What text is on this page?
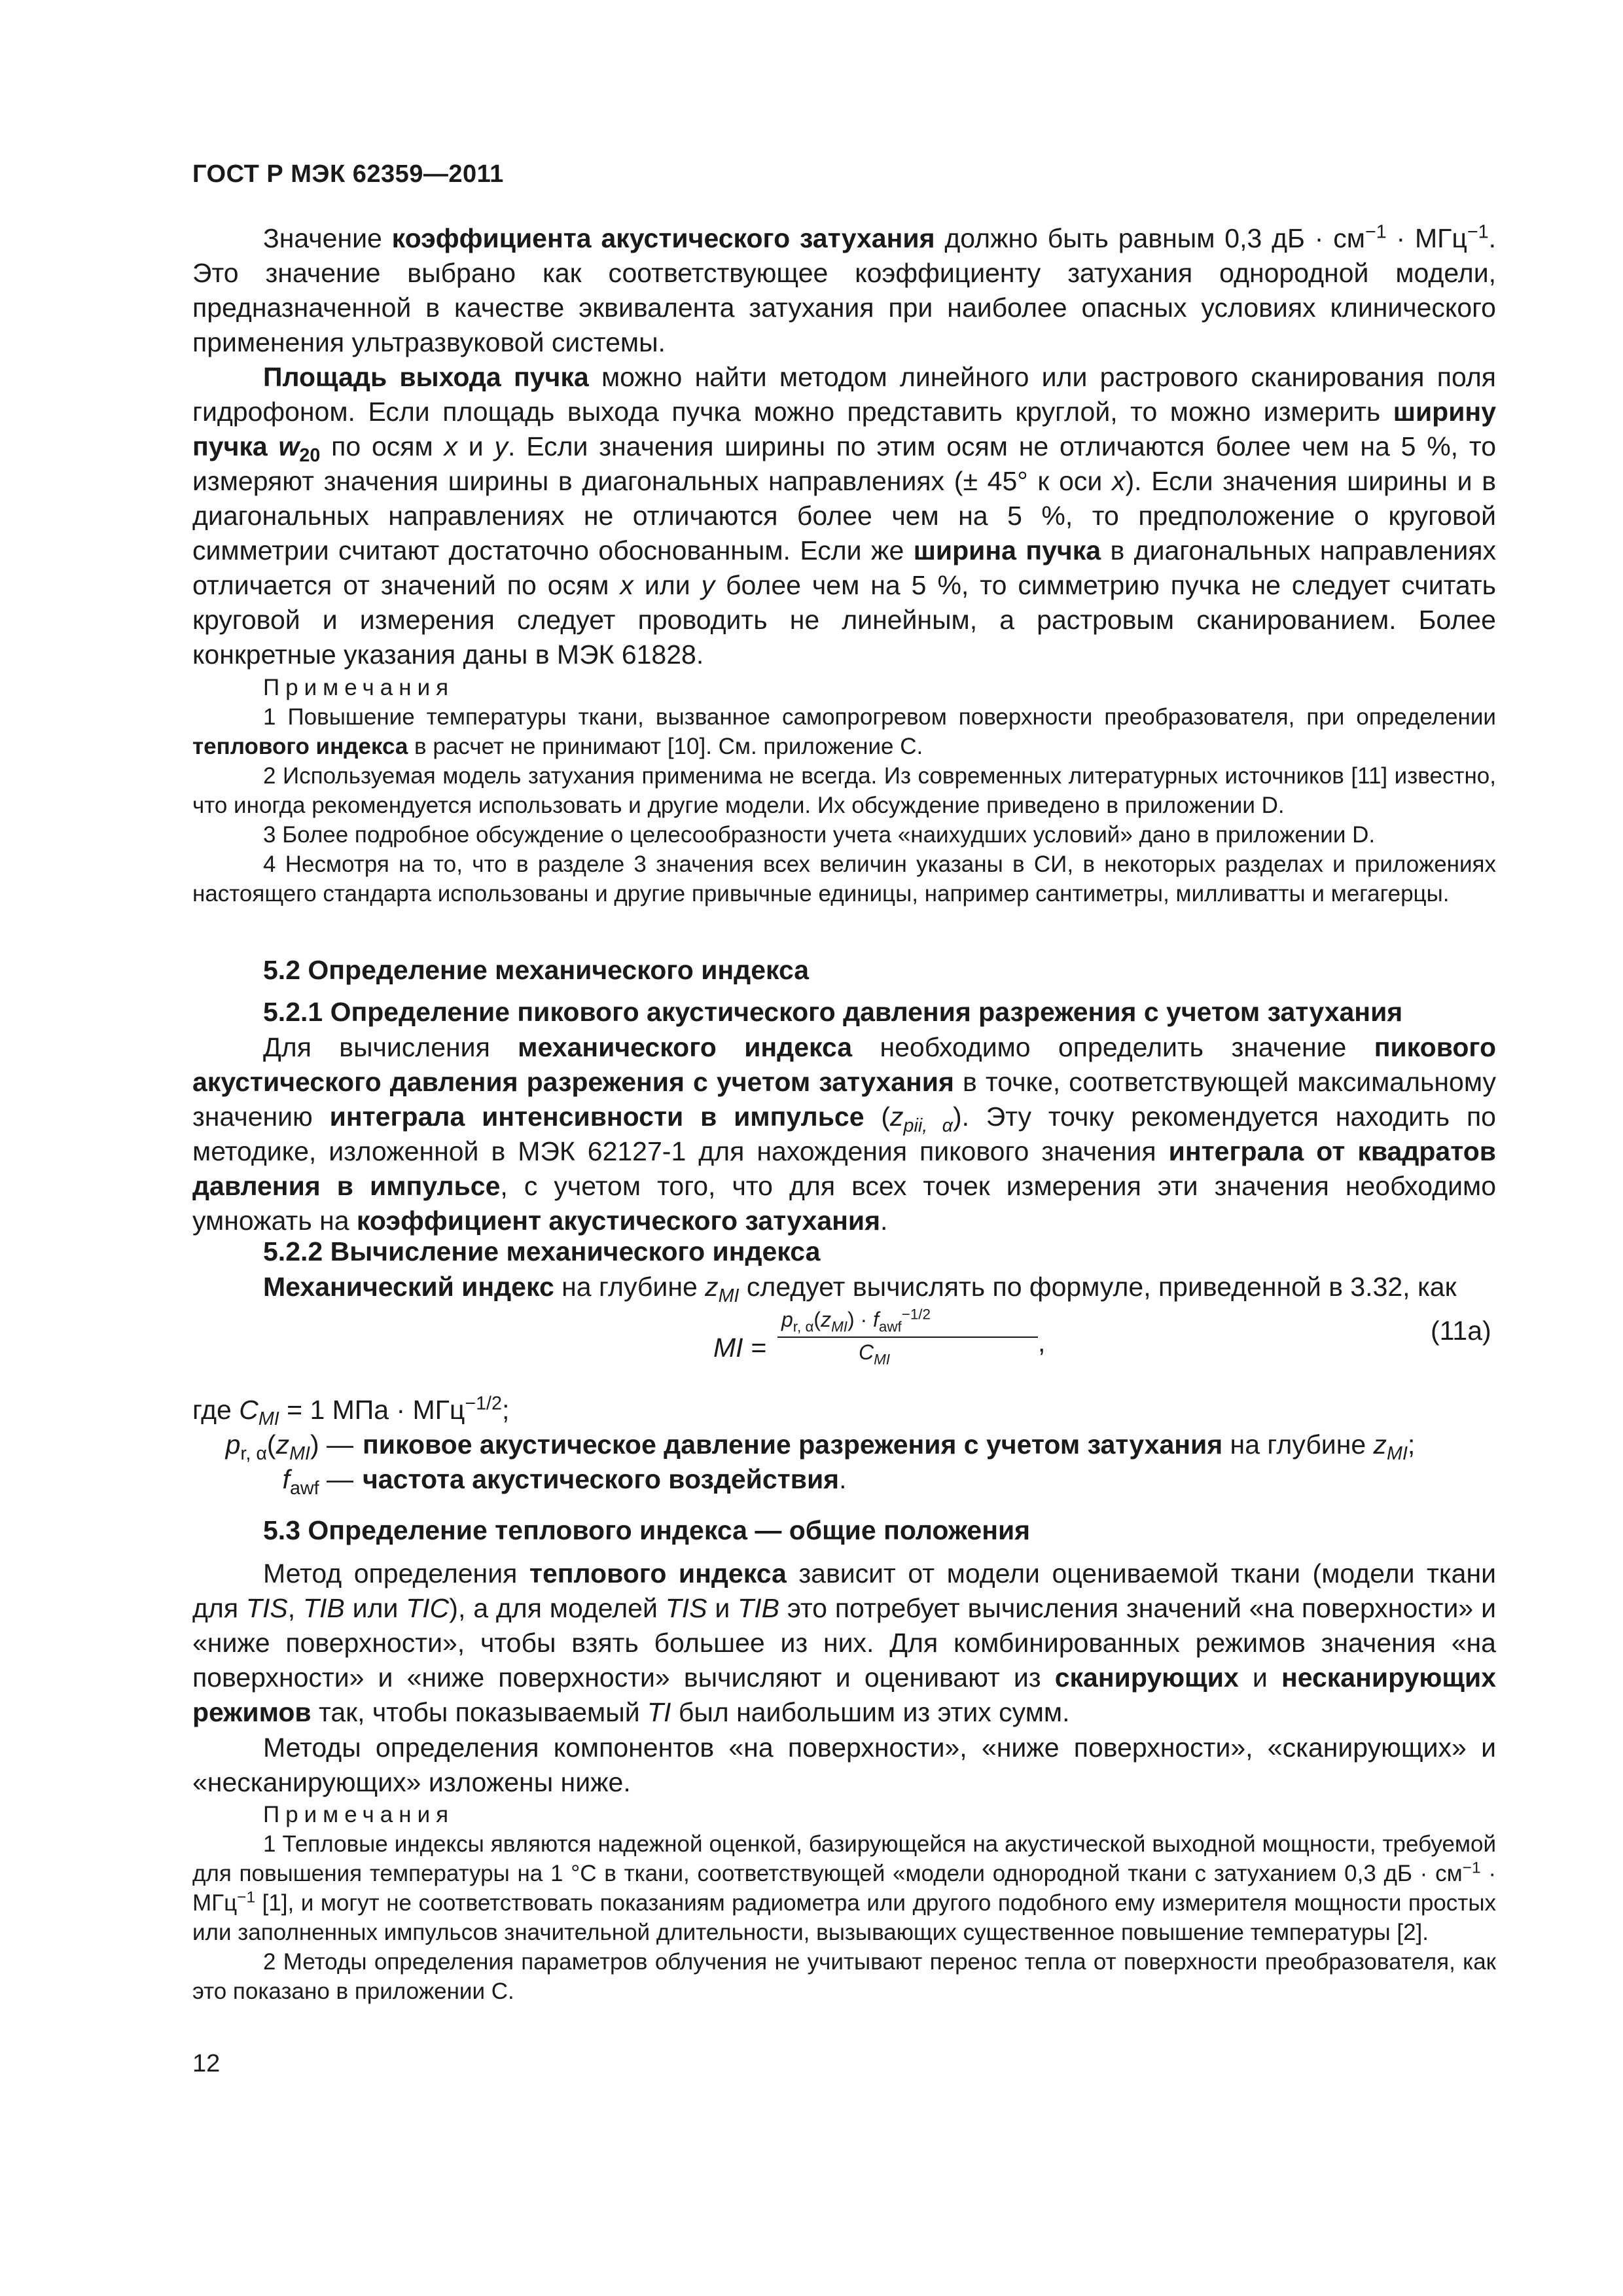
ГОСТ Р МЭК 62359—2011

Значение коэффициента акустического затухания должно быть равным 0,3 дБ · $см^{-1} \cdot МГц^{-1}$. Это значение выбрано как соответствующее коэффициенту затухания однородной модели, предназначенной в качестве эквивалента затухания при наиболее опасных условиях клинического применения ультразвуковой системы.

Площадь выхода пучка можно найти методом линейного или растрового сканирования поля гидрофоном. Если площадь выхода пучка можно представить круглой, то можно измерить ширину пучка $w_{20}$ по осям x и y. Если значения ширины по этим осям не отличаются более чем на 5 %, то измеряют значения ширины в диагональных направлениях (± 45° к оси x). Если значения ширины и в диагональных направлениях не отличаются более чем на 5 %, то предположение о круговой симметрии считают достаточно обоснованным. Если же ширина пучка в диагональных направлениях отличается от значений по осям x или y более чем на 5 %, то симметрию пучка не следует считать круговой и измерения следует проводить не линейным, а растровым сканированием. Более конкретные указания даны в МЭК 61828.

Примечания

1 Повышение температуры ткани, вызванное самопрогревом поверхности преобразователя, при определении теплового индекса в расчет не принимают [10]. См. приложение С.

2 Используемая модель затухания применима не всегда. Из современных литературных источников [11] известно, что иногда рекомендуется использовать и другие модели. Их обсуждение приведено в приложении D.

3 Более подробное обсуждение о целесообразности учета «наихудших условий» дано в приложении D.

4 Несмотря на то, что в разделе 3 значения всех величин указаны в СИ, в некоторых разделах и приложениях настоящего стандарта использованы и другие привычные единицы, например сантиметры, милливатты и мегагерцы.

5.2 Определение механического индекса

5.2.1 Определение пикового акустического давления разрежения с учетом затухания

Для вычисления механического индекса необходимо определить значение пикового акустического давления разрежения с учетом затухания в точке, соответствующей максимальному значению интеграла интенсивности в импульсе $(z_{pii, \alpha})$. Эту точку рекомендуется находить по методике, изложенной в МЭК 62127-1 для нахождения пикового значения интеграла от квадратов давления в импульсе, с учетом того, что для всех точек измерения эти значения необходимо умножать на коэффициент акустического затухания.

5.2.2 Вычисление механического индекса

Механический индекс на глубине $z_{MI}$ следует вычислять по формуле, приведенной в 3.32, как

MI =
$p_{r, \alpha}(z_{MI}) \cdot f_{awf}^{-1/2}$
$C_{MI}$
,	(11a)
где $C_{MI} = 1$ МПа · МГц$^{-1/2}$;
$p_{r, \alpha}(z_{MI})$ — пиковое акустическое давление разрежения с учетом затухания на глубине $z_{MI}$;
$f_{awf}$ — частота акустического воздействия.

5.3 Определение теплового индекса — общие положения

Метод определения теплового индекса зависит от модели оцениваемой ткани (модели ткани для TIS, TIB или TIC), а для моделей TIS и TIB это потребует вычисления значений «на поверхности» и «ниже поверхности», чтобы взять большее из них. Для комбинированных режимов значения «на поверхности» и «ниже поверхности» вычисляют и оценивают из сканирующих и несканирующих режимов так, чтобы показываемый TI был наибольшим из этих сумм.

Методы определения компонентов «на поверхности», «ниже поверхности», «сканирующих» и «несканирующих» изложены ниже.

Примечания

1 Тепловые индексы являются надежной оценкой, базирующейся на акустической выходной мощности, требуемой для повышения температуры на 1 °С в ткани, соответствующей «модели однородной ткани с затуханием 0,3 дБ · $см^{-1} \cdot МГц^{-1}$ [1], и могут не соответствовать показаниям радиометра или другого подобного ему измерителя мощности простых или заполненных импульсов значительной длительности, вызывающих существенное повышение температуры [2].

2 Методы определения параметров облучения не учитывают перенос тепла от поверхности преобразователя, как это показано в приложении С.

12
